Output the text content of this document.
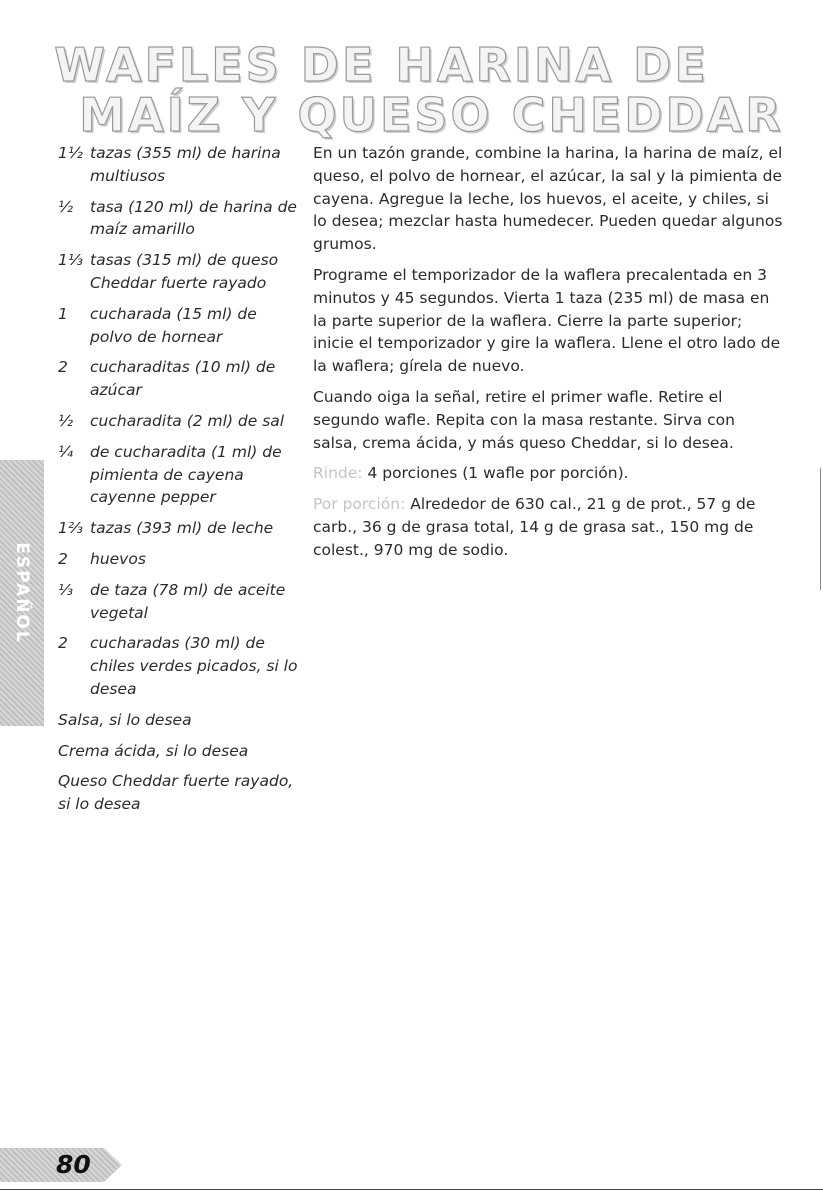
WAFLES DE HARINA DE
MAÍZ Y QUESO CHEDDAR
1½ tazas (355 ml) de harina multiusos
½	tasa (120 ml) de harina de maíz amarillo
1⅓ tasas (315 ml) de queso Cheddar fuerte rayado
1	cucharada (15 ml) de polvo de hornear
2	cucharaditas (10 ml) de azúcar
½	cucharadita (2 ml) de sal
¼	de cucharadita (1 ml) de pimienta de cayena cayenne pepper
1⅔ tazas (393 ml) de leche
2	huevos
⅓	de taza (78 ml) de aceite vegetal
2	cucharadas (30 ml) de chiles verdes picados, si lo desea
Salsa, si lo desea
Crema ácida, si lo desea
Queso Cheddar fuerte rayado, si lo desea

En un tazón grande, combine la harina, la harina de maíz, el queso, el polvo de hornear, el azúcar, la sal y la pimienta de cayena. Agregue la leche, los huevos, el aceite, y chiles, si lo desea; mezclar hasta humedecer. Pueden quedar algunos grumos.

Programe el temporizador de la waflera precalentada en 3 minutos y 45 segundos. Vierta 1 taza (235 ml) de masa en la parte superior de la waflera. Cierre la parte superior; inicie el temporizador y gire la waflera. Llene el otro lado de la waflera; gírela de nuevo.

Cuando oiga la señal, retire el primer wafle. Retire el segundo wafle. Repita con la masa restante. Sirva con salsa, crema ácida, y más queso Cheddar, si lo desea.

Rinde: 4 porciones (1 wafle por porción).

Por porción: Alrededor de 630 cal., 21 g de prot., 57 g de carb., 36 g de grasa total, 14 g de grasa sat., 150 mg de colest., 970 mg de sodio.

ESPAÑOL
80
